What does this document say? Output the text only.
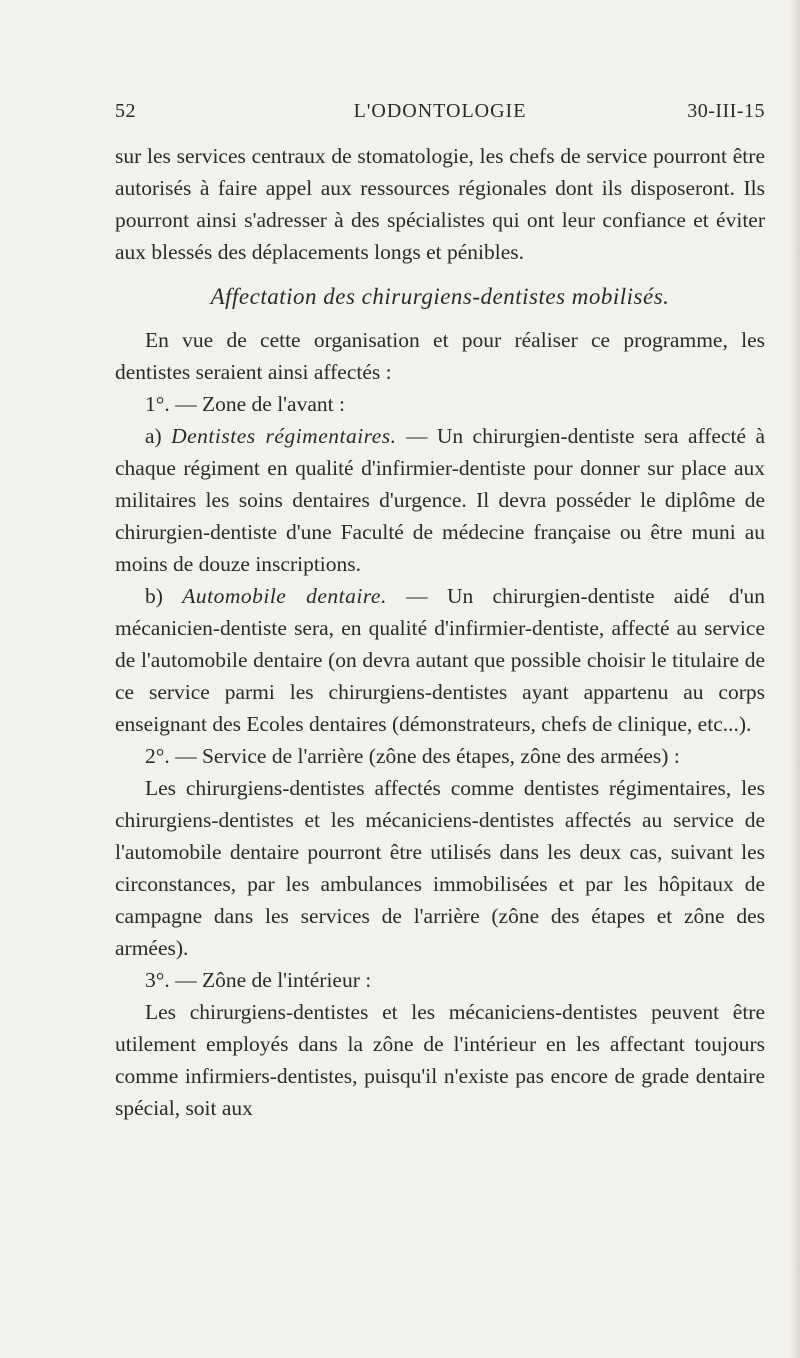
52	L'ODONTOLOGIE	30-III-15

sur les services centraux de stomatologie, les chefs de service pourront être autorisés à faire appel aux ressources régionales dont ils disposeront. Ils pourront ainsi s'adresser à des spécialistes qui ont leur confiance et éviter aux blessés des déplacements longs et pénibles.

Affectation des chirurgiens-dentistes mobilisés.

En vue de cette organisation et pour réaliser ce programme, les dentistes seraient ainsi affectés :

1°. — Zone de l'avant :

a) Dentistes régimentaires. — Un chirurgien-dentiste sera affecté à chaque régiment en qualité d'infirmier-dentiste pour donner sur place aux militaires les soins dentaires d'urgence. Il devra posséder le diplôme de chirurgien-dentiste d'une Faculté de médecine française ou être muni au moins de douze inscriptions.

b) Automobile dentaire. — Un chirurgien-dentiste aidé d'un mécanicien-dentiste sera, en qualité d'infirmier-dentiste, affecté au service de l'automobile dentaire (on devra autant que possible choisir le titulaire de ce service parmi les chirurgiens-dentistes ayant appartenu au corps enseignant des Ecoles dentaires (démonstrateurs, chefs de clinique, etc...).

2°. — Service de l'arrière (zône des étapes, zône des armées) :

Les chirurgiens-dentistes affectés comme dentistes régimentaires, les chirurgiens-dentistes et les mécaniciens-dentistes affectés au service de l'automobile dentaire pourront être utilisés dans les deux cas, suivant les circonstances, par les ambulances immobilisées et par les hôpitaux de campagne dans les services de l'arrière (zône des étapes et zône des armées).

3°. — Zône de l'intérieur :

Les chirurgiens-dentistes et les mécaniciens-dentistes peuvent être utilement employés dans la zône de l'intérieur en les affectant toujours comme infirmiers-dentistes, puisqu'il n'existe pas encore de grade dentaire spécial, soit aux
